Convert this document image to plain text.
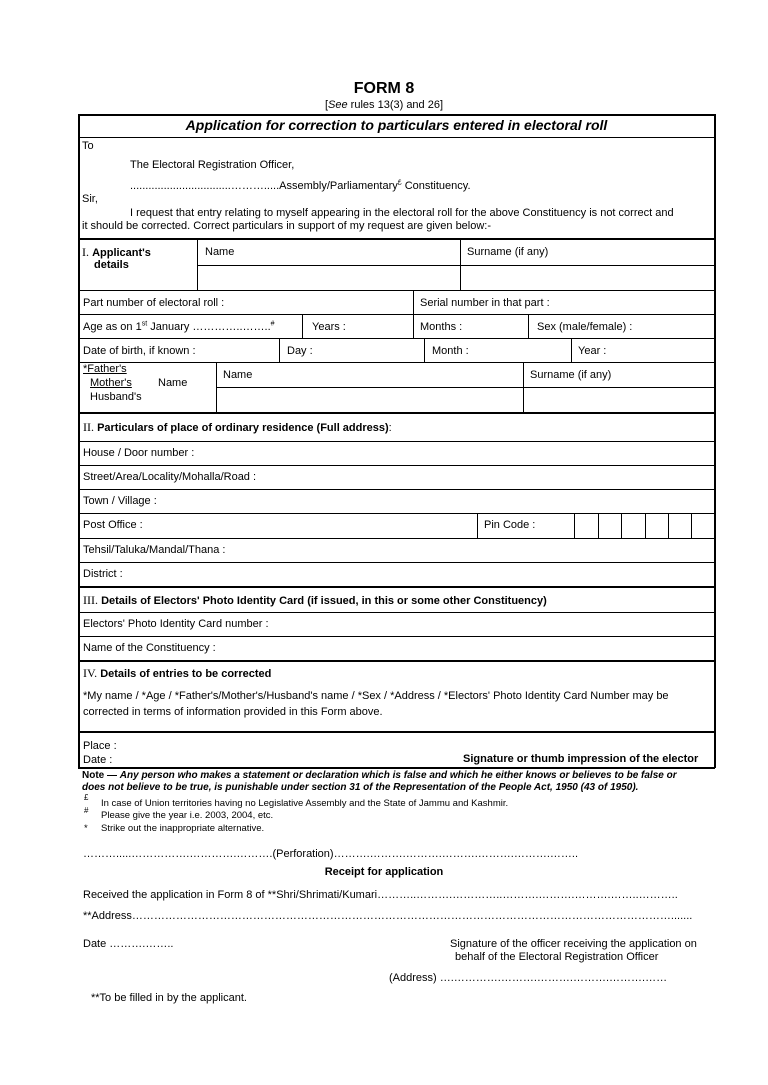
FORM 8
[See rules 13(3) and 26]
Application for correction to particulars entered in electoral roll
To
The Electoral Registration Officer,
.................................……….....Assembly/Parliamentary£ Constituency.
Sir,
I request that entry relating to myself appearing in the electoral roll for the above Constituency is not correct and
it should be corrected. Correct particulars in support of my request are given below:-
I. Applicant's
details
Name	Surname (if any)
Part number of electoral roll :	Serial number in that part :
Age as on 1st January …………..……..#	Years :	Months :	Sex (male/female) :
Date of birth, if known :	Day :	Month :	Year :
*Father's
Mother's Name
Husband's
Name	Surname (if any)
II. Particulars of place of ordinary residence (Full address):
House / Door number :
Street/Area/Locality/Mohalla/Road :
Town / Village :
Post Office :	Pin Code :
Tehsil/Taluka/Mandal/Thana :
District :
III. Details of Electors' Photo Identity Card (if issued, in this or some other Constituency)
Electors' Photo Identity Card number :
Name of the Constituency :
IV. Details of entries to be corrected
*My name / *Age / *Father's/Mother's/Husband's name / *Sex / *Address / *Electors' Photo Identity Card Number may be
corrected in terms of information provided in this Form above.
Place :
Date :	Signature or thumb impression of the elector
Note — Any person who makes a statement or declaration which is false and which he either knows or believes to be false or
does not believe to be true, is punishable under section 31 of the Representation of the People Act, 1950 (43 of 1950).
£
In case of Union territories having no Legislative Assembly and the State of Jammu and Kashmir.
# Please give the year i.e. 2003, 2004, etc.
* Strike out the inappropriate alternative.
……….....…………….………….……….(Perforation)……….……….……….……….……….……….……..
Receipt for application
Received the application in Form 8 of **Shri/Shrimati/Kumari………..……….…………..……….……….……….……..………..
**Address………………………………………………………………………………………………………………………………….......
Date ……….……..	Signature of the officer receiving the application on
behalf of the Electoral Registration Officer
(Address) ….………….……….……….……….……….……
**To be filled in by the applicant.
